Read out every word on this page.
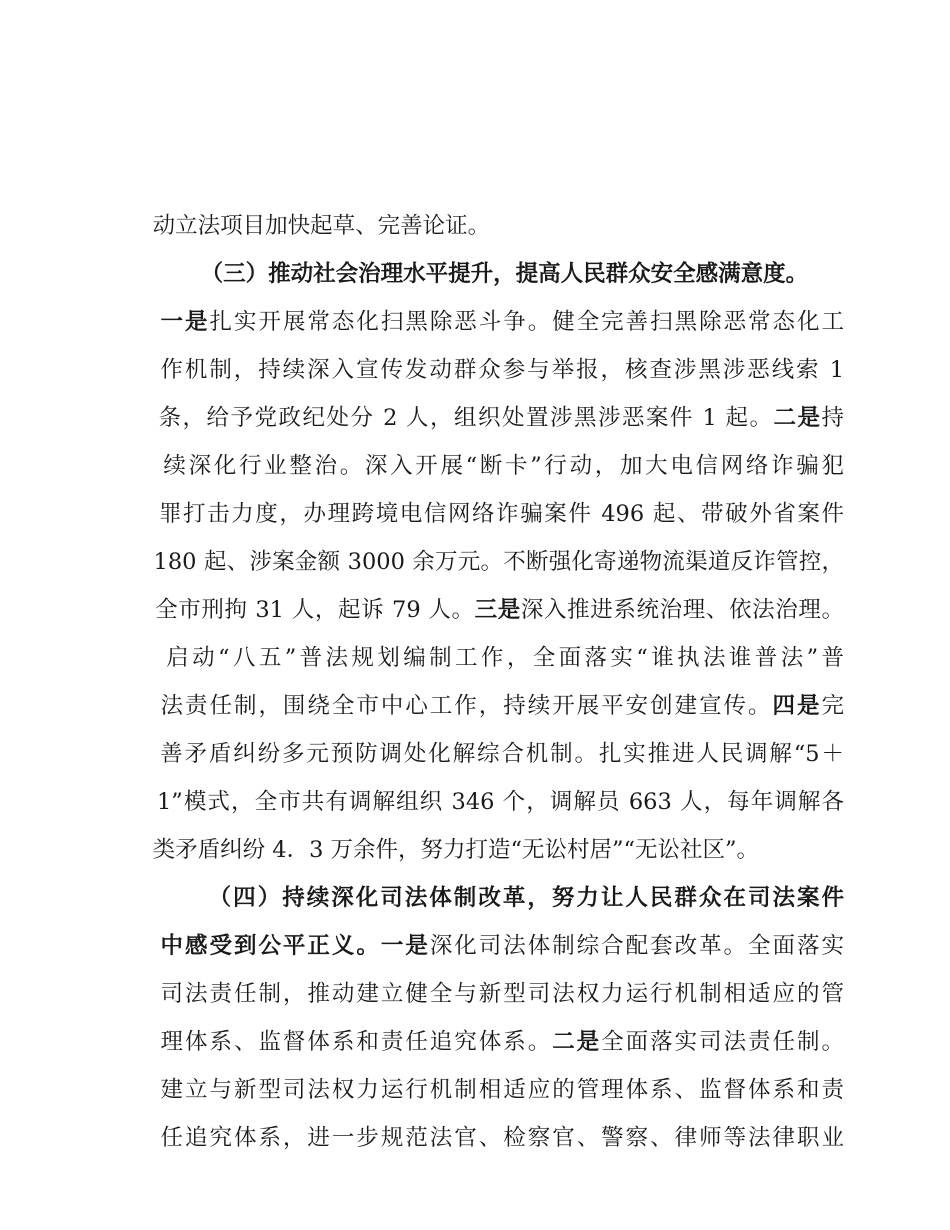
动立法项目加快起草、完善论证。

（三）推动社会治理水平提升，提高人民群众安全感满意度。

一是扎实开展常态化扫黑除恶斗争。健全完善扫黑除恶常态化工

作机制，持续深入宣传发动群众参与举报，核查涉黑涉恶线索 1

条，给予党政纪处分 2 人，组织处置涉黑涉恶案件 1 起。二是持

续深化行业整治。深入开展“断卡”行动，加大电信网络诈骗犯

罪打击力度，办理跨境电信网络诈骗案件 496 起、带破外省案件

180 起、涉案金额 3000 余万元。不断强化寄递物流渠道反诈管控，

全市刑拘 31 人，起诉 79 人。三是深入推进系统治理、依法治理。

启动“八五”普法规划编制工作，全面落实“谁执法谁普法”普

法责任制，围绕全市中心工作，持续开展平安创建宣传。四是完

善矛盾纠纷多元预防调处化解综合机制。扎实推进人民调解“5＋

1”模式，全市共有调解组织 346 个，调解员 663 人，每年调解各

类矛盾纠纷 4．3 万余件，努力打造“无讼村居”“无讼社区”。

（四）持续深化司法体制改革，努力让人民群众在司法案件

中感受到公平正义。一是深化司法体制综合配套改革。全面落实

司法责任制，推动建立健全与新型司法权力运行机制相适应的管

理体系、监督体系和责任追究体系。二是全面落实司法责任制。

建立与新型司法权力运行机制相适应的管理体系、监督体系和责

任追究体系，进一步规范法官、检察官、警察、律师等法律职业
